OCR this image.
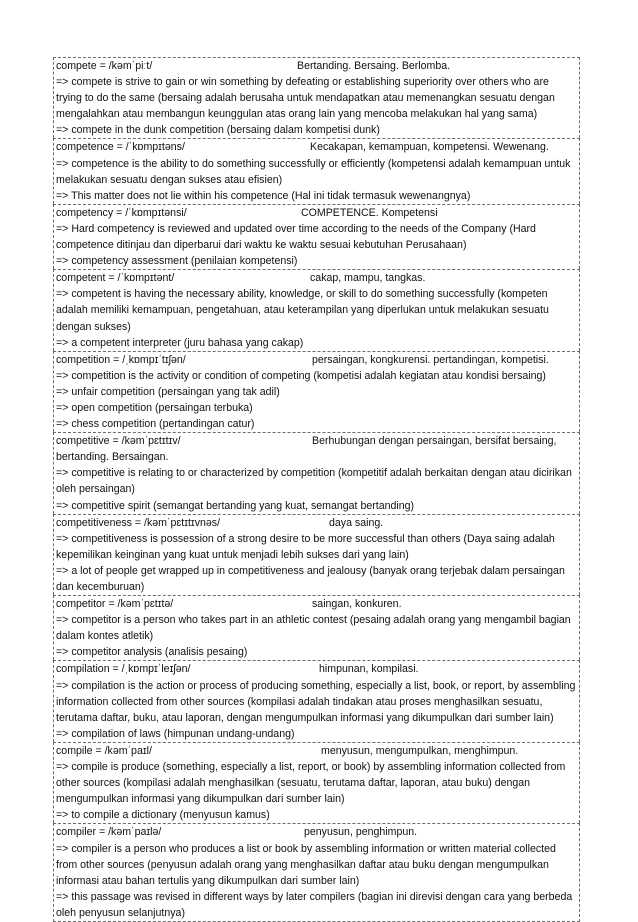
compete = /kəmˈpiːt/	Bertanding. Bersaing. Berlomba.
=> compete is strive to gain or win something by defeating or establishing superiority over others who are trying to do the same (bersaing adalah berusaha untuk mendapatkan atau memenangkan sesuatu dengan mengalahkan atau membangun keunggulan atas orang lain yang mencoba melakukan hal yang sama)
=> compete in the dunk competition (bersaing dalam kompetisi dunk)
competence = /ˈkɒmpɪtəns/	Kecakapan, kemampuan, kompetensi. Wewenang.
=> competence is the ability to do something successfully or efficiently (kompetensi adalah kemampuan untuk melakukan sesuatu dengan sukses atau efisien)
=> This matter does not lie within his competence (Hal ini tidak termasuk wewenangnya)
competency = /ˈkɒmpɪtənsi/	COMPETENCE. Kompetensi
=> Hard competency is reviewed and updated over time according to the needs of the Company (Hard competence ditinjau dan diperbarui dari waktu ke waktu sesuai kebutuhan Perusahaan)
=> competency assessment (penilaian kompetensi)
competent = /ˈkɒmpɪtənt/	cakap, mampu, tangkas.
=> competent is having the necessary ability, knowledge, or skill to do something successfully (kompeten adalah memiliki kemampuan, pengetahuan, atau keterampilan yang diperlukan untuk melakukan sesuatu dengan sukses)
=> a competent interpreter (juru bahasa yang cakap)
competition = /ˌkɒmpɪˈtɪʃən/	persaingan, kongkurensi. pertandingan, kompetisi.
=> competition is the activity or condition of competing (kompetisi adalah kegiatan atau kondisi bersaing)
=> unfair competition (persaingan yang tak adil)
=> open competition (persaingan terbuka)
=> chess competition (pertandingan catur)
competitive = /kəmˈpɛtɪtɪv/	Berhubungan dengan persaingan, bersifat bersaing, bertanding. Bersaingan.
=> competitive is relating to or characterized by competition (kompetitif adalah berkaitan dengan atau dicirikan oleh persaingan)
=> competitive spirit (semangat bertanding yang kuat, semangat bertanding)
competitiveness = /kəmˈpɛtɪtɪvnəs/	daya saing.
=> competitiveness is possession of a strong desire to be more successful than others (Daya saing adalah kepemilikan keinginan yang kuat untuk menjadi lebih sukses dari yang lain)
=> a lot of people get wrapped up in competitiveness and jealousy (banyak orang terjebak dalam persaingan dan kecemburuan)
competitor = /kəmˈpɛtɪtə/	saingan, konkuren.
=> competitor is a person who takes part in an athletic contest (pesaing adalah orang yang mengambil bagian dalam kontes atletik)
=> competitor analysis (analisis pesaing)
compilation = /ˌkɒmpɪˈleɪʃən/	himpunan, kompilasi.
=> compilation is the action or process of producing something, especially a list, book, or report, by assembling information collected from other sources (kompilasi adalah tindakan atau proses menghasilkan sesuatu, terutama daftar, buku, atau laporan, dengan mengumpulkan informasi yang dikumpulkan dari sumber lain)
=> compilation of laws (himpunan undang-undang)
compile = /kəmˈpaɪl/	menyusun, mengumpulkan, menghimpun.
=> compile is produce (something, especially a list, report, or book) by assembling information collected from other sources (kompilasi adalah menghasilkan (sesuatu, terutama daftar, laporan, atau buku) dengan mengumpulkan informasi yang dikumpulkan dari sumber lain)
=> to compile a dictionary (menyusun kamus)
compiler = /kəmˈpaɪlə/	penyusun, penghimpun.
=> compiler is a person who produces a list or book by assembling information or written material collected from other sources (penyusun adalah orang yang menghasilkan daftar atau buku dengan mengumpulkan informasi atau bahan tertulis yang dikumpulkan dari sumber lain)
=> this passage was revised in different ways by later compilers (bagian ini direvisi dengan cara yang berbeda oleh penyusun selanjutnya)
